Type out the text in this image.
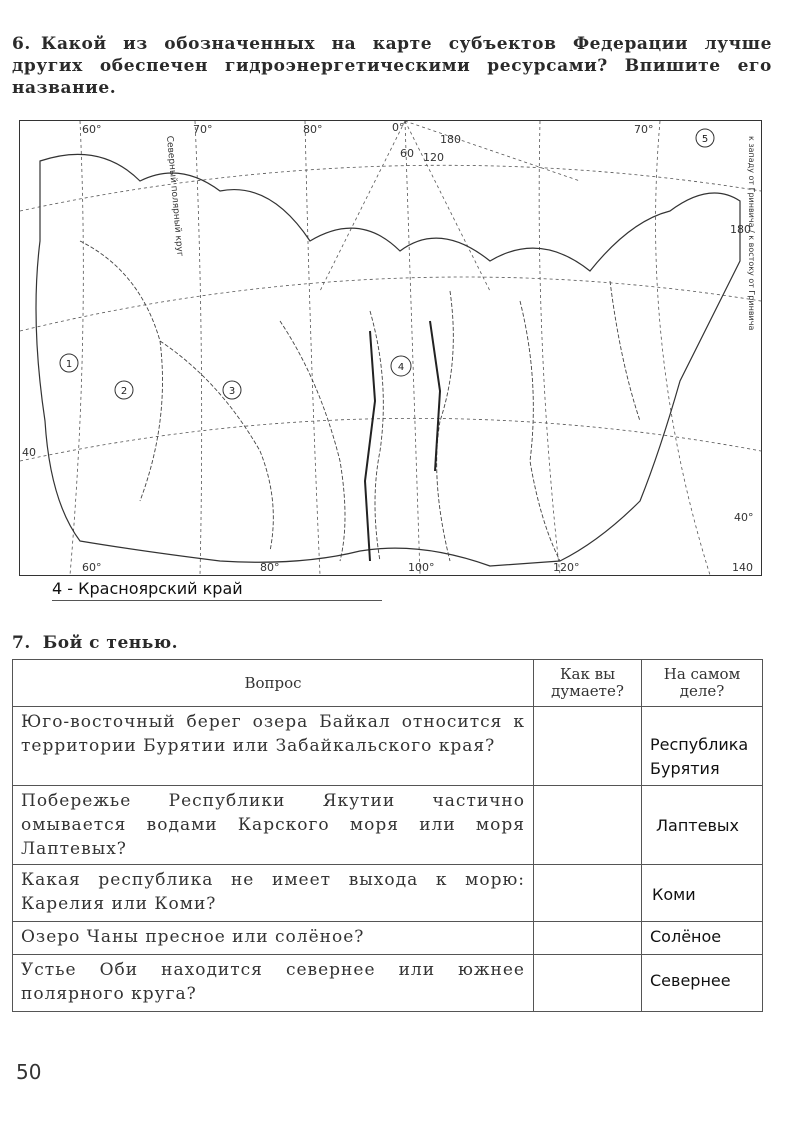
6. Какой из обозначенных на карте субъектов Федерации лучше других обеспечен гидроэнергетическими ресурсами? Впишите его название.
60°	70°	80°	0°
180
60 120
70°
180
60°	80°	100°	120°	140
40
40°
Северный полярный круг	к западу от Гринвича / к востоку от Гринвича
1
2	3
4
5
4 - Красноярский край
7. Бой с тенью.
Вопрос	Как вы думаете?	На самом деле?
Юго-восточный берег озера Байкал относится к территории Бурятии или Забайкальского края?		Республика Бурятия
Побережье Республики Якутии частично омывается водами Карского моря или моря Лаптевых?		Лаптевых
Какая республика не имеет выхода к морю: Карелия или Коми?		Коми
Озеро Чаны пресное или солёное?		Солёное
Устье Оби находится севернее или южнее полярного круга?		Севернее
50
